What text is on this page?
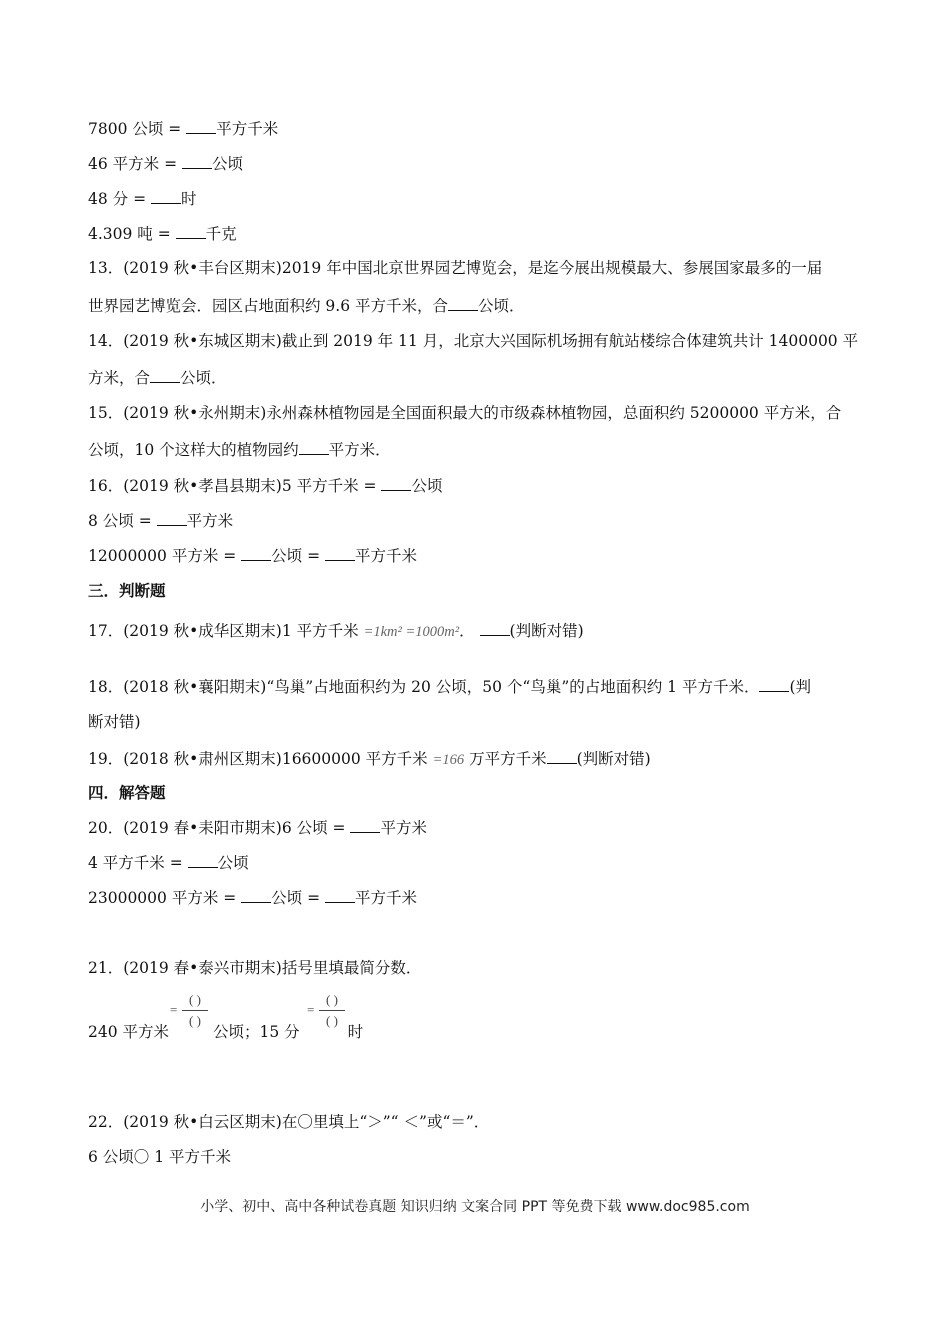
7800 公顷 = 平方千米
46 平方米 = 公顷
48 分 = 时
4.309 吨 = 千克
13．(2019 秋•丰台区期末)2019 年中国北京世界园艺博览会，是迄今展出规模最大、参展国家最多的一届
世界园艺博览会．园区占地面积约 9.6 平方千米，合 公顷．
14．(2019 秋•东城区期末)截止到 2019 年 11 月，北京大兴国际机场拥有航站楼综合体建筑共计 1400000 平
方米，合 公顷．
15．(2019 秋•永州期末)永州森林植物园是全国面积最大的市级森林植物园，总面积约 5200000 平方米，合
公顷，10 个这样大的植物园约 平方米．
16．(2019 秋•孝昌县期末)5 平方千米 = 公顷
8 公顷 = 平方米
12000000 平方米 = 公顷 = 平方千米
三．判断题
17．(2019 秋•成华区期末)1 平方千米 =1km² =1000m²． (判断对错)
18．(2018 秋•襄阳期末)“鸟巢”占地面积约为 20 公顷，50 个“鸟巢”的占地面积约 1 平方千米． (判
断对错)
19．(2018 秋•肃州区期末)16600000 平方千米 =166 万平方千米 (判断对错)
四．解答题
20．(2019 春•耒阳市期末)6 公顷 = 平方米
4 平方千米 = 公顷
23000000 平方米 = 公顷 = 平方千米
21．(2019 春•泰兴市期末)括号里填最简分数．
240 平方米	公顷；15 分	时
=
( )
( )
=
( )
( )
22．(2019 秋•白云区期末)在〇里填上“＞”“ ＜”或“＝”．
6 公顷〇 1 平方千米
小学、初中、高中各种试卷真题 知识归纳 文案合同 PPT 等免费下载 www.doc985.com
